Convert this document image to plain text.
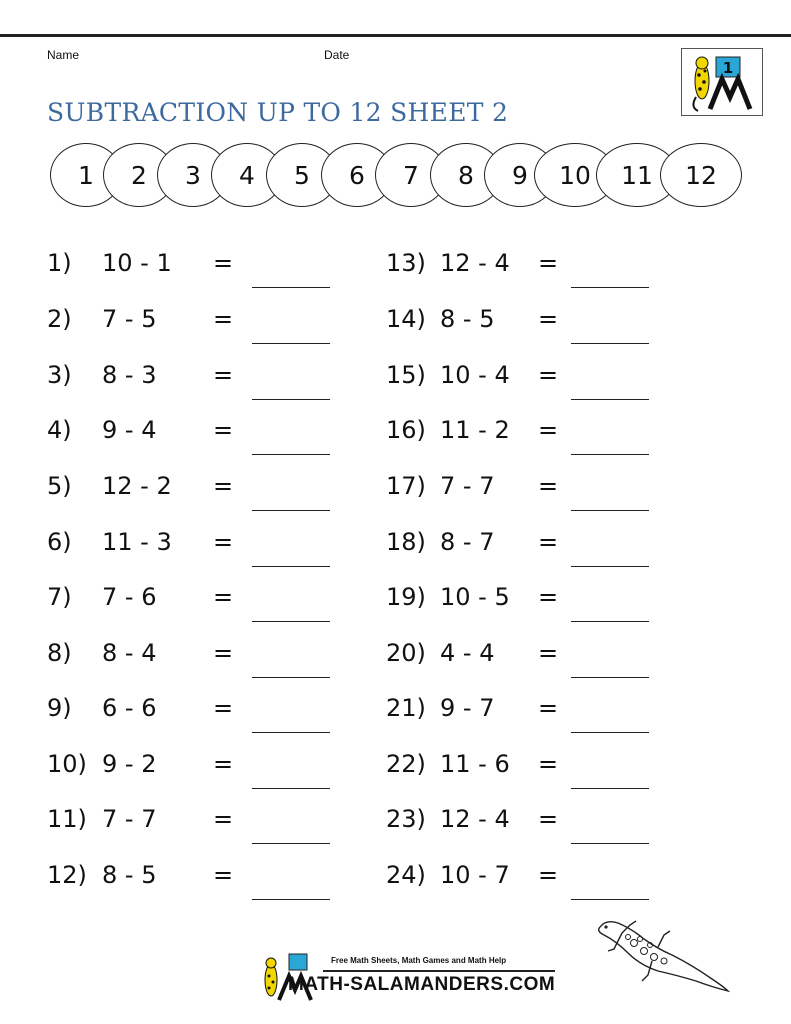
Name	Date
1
SUBTRACTION UP TO 12 SHEET 2
1	2	3	4	5	6	7	8	9	10	11	12
1) 10 - 1 =
2) 7 - 5 =
3) 8 - 3 =
4) 9 - 4 =
5) 12 - 2 =
6) 11 - 3 =
7) 7 - 6 =
8) 8 - 4 =
9) 6 - 6 =
10) 9 - 2 =
11) 7 - 7 =
12) 8 - 5 =
13) 12 - 4 =
14) 8 - 5 =
15) 10 - 4 =
16) 11 - 2 =
17) 7 - 7 =
18) 8 - 7 =
19) 10 - 5 =
20) 4 - 4 =
21) 9 - 7 =
22) 11 - 6 =
23) 12 - 4 =
24) 10 - 7 =
Free Math Sheets, Math Games and Math Help
MATH-SALAMANDERS.COM
